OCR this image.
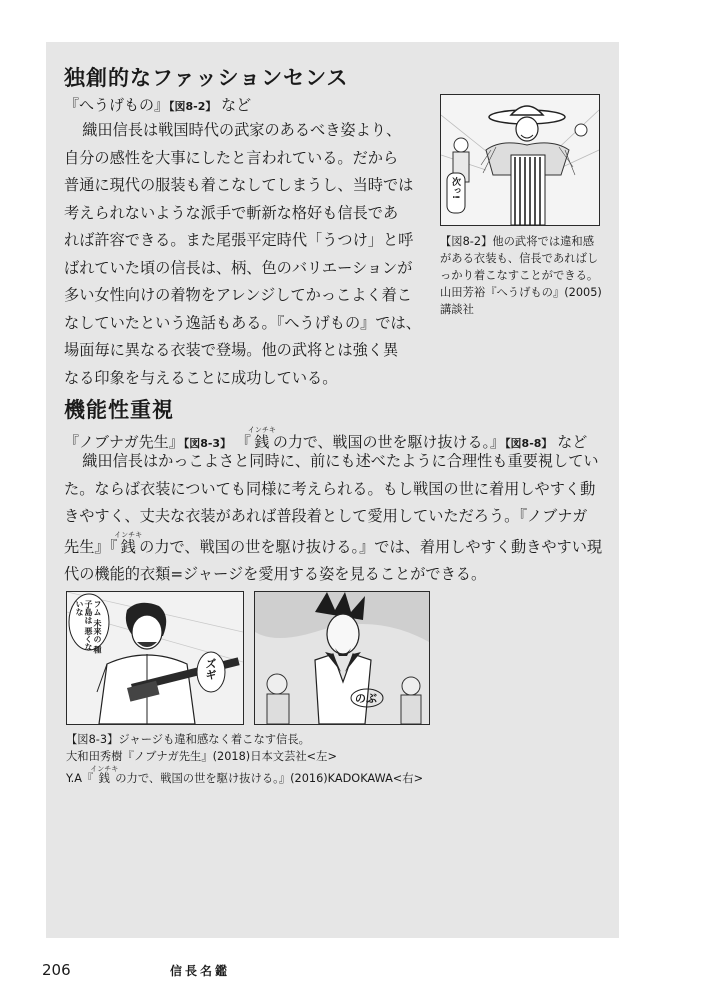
独創的なファッションセンス

『へうげもの』【図8-2】 など

織田信長は戦国時代の武家のあるべき姿より、
自分の感性を大事にしたと言われている。だから
普通に現代の服装も着こなしてしまうし、当時では
考えられないような派手で斬新な格好も信長であ
れば許容できる。また尾張平定時代「うつけ」と呼
ばれていた頃の信長は、柄、色のバリエーションが
多い女性向けの着物をアレンジしてかっこよく着こ
なしていたという逸話もある。『へうげもの』では、
場面毎に異なる衣装で登場。他の武将とは強く異
なる印象を与えることに成功している。
次っ!
【図8-2】他の武将では違和感
がある衣装も、信長であればし
っかり着こなすことができる。
山田芳裕『へうげもの』(2005)
講談社
機能性重視

『ノブナガ先生』【図8-3】 『銭インチキの力で、戦国の世を駆け抜ける。』【図8-8】 など

織田信長はかっこよさと同時に、前にも述べたように合理性も重要視してい
た。ならば衣装についても同様に考えられる。もし戦国の世に着用しやすく動
きやすく、丈夫な衣装があれば普段着として愛用していただろう。『ノブナガ
先生』『銭インチキの力で、戦国の世を駆け抜ける。』では、着用しやすく動きやすい現
代の機能的衣類=ジャージを愛用する姿を見ることができる。
フム 未来の 種子島は 悪くないな
ズギ
のぶ
【図8-3】ジャージも違和感なく着こなす信長。
大和田秀樹『ノブナガ先生』(2018)日本文芸社<左>
Y.A『銭インチキの力で、戦国の世を駆け抜ける。』(2016)KADOKAWA<右>
206	信長名鑑
